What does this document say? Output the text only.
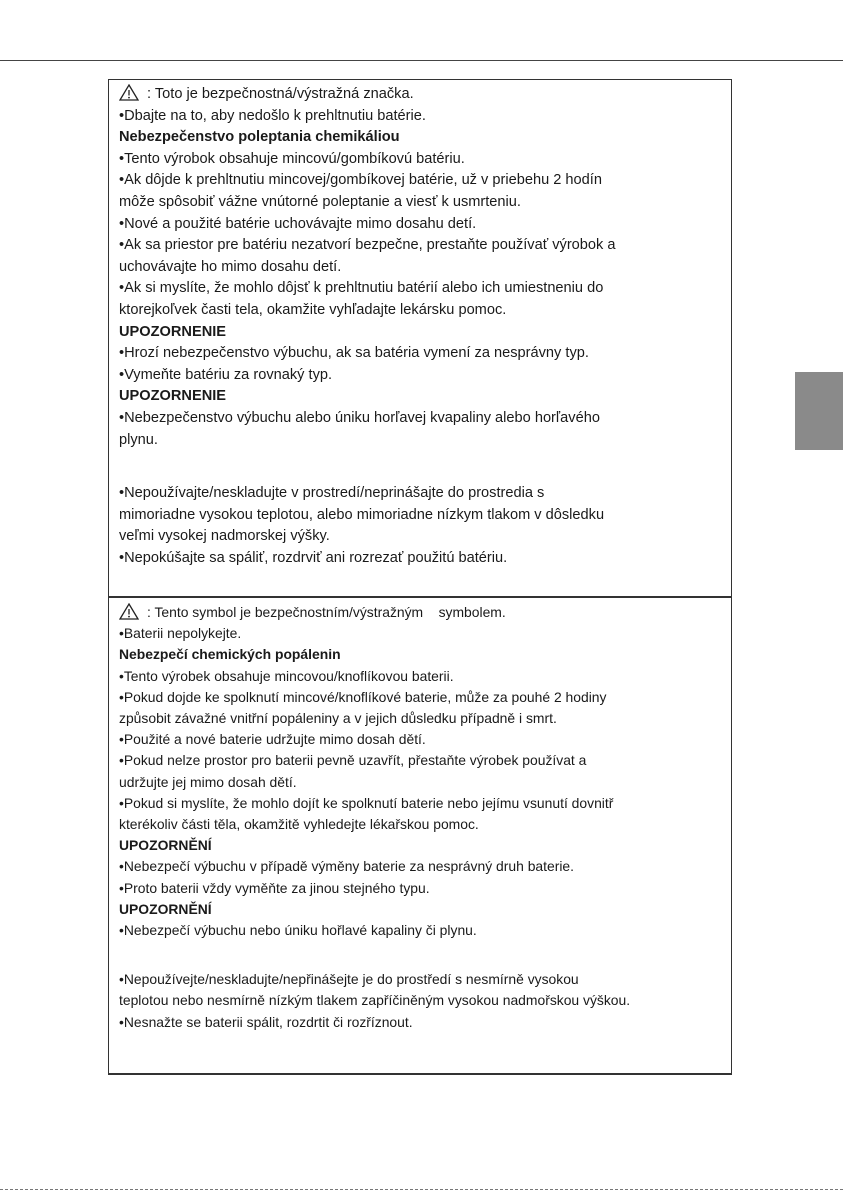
: Toto je bezpečnostná/výstražná značka.
•Dbajte na to, aby nedošlo k prehltnutiu batérie.
Nebezpečenstvo poleptania chemikáliou
•Tento výrobok obsahuje mincovú/gombíkovú batériu.
•Ak dôjde k prehltnutiu mincovej/gombíkovej batérie, už v priebehu 2 hodín
môže spôsobiť vážne vnútorné poleptanie a viesť k usmrteniu.
•Nové a použité batérie uchovávajte mimo dosahu detí.
•Ak sa priestor pre batériu nezatvorí bezpečne, prestaňte používať výrobok a
uchovávajte ho mimo dosahu detí.
•Ak si myslíte, že mohlo dôjsť k prehltnutiu batérií alebo ich umiestneniu do
ktorejkoľvek časti tela, okamžite vyhľadajte lekársku pomoc.
UPOZORNENIE
•Hrozí nebezpečenstvo výbuchu, ak sa batéria vymení za nesprávny typ.
•Vymeňte batériu za rovnaký typ.
UPOZORNENIE
•Nebezpečenstvo výbuchu alebo úniku horľavej kvapaliny alebo horľavého
plynu.
•Nepoužívajte/neskladujte v prostredí/neprinášajte do prostredia s
mimoriadne vysokou teplotou, alebo mimoriadne nízkym tlakom v dôsledku
veľmi vysokej nadmorskej výšky.
•Nepokúšajte sa spáliť, rozdrviť ani rozrezať použitú batériu.
: Tento symbol je bezpečnostním/výstražným    symbolem.
•Baterii nepolykejte.
Nebezpečí chemických popálenin
•Tento výrobek obsahuje mincovou/knoflíkovou baterii.
•Pokud dojde ke spolknutí mincové/knoflíkové baterie, může za pouhé 2 hodiny
způsobit závažné vnitřní popáleniny a v jejich důsledku případně i smrt.
•Použité a nové baterie udržujte mimo dosah dětí.
•Pokud nelze prostor pro baterii pevně uzavřít, přestaňte výrobek používat a
udržujte jej mimo dosah dětí.
•Pokud si myslíte, že mohlo dojít ke spolknutí baterie nebo jejímu vsunutí dovnitř
kterékoliv části těla, okamžitě vyhledejte lékařskou pomoc.
UPOZORNĚNÍ
•Nebezpečí výbuchu v případě výměny baterie za nesprávný druh baterie.
•Proto baterii vždy vyměňte za jinou stejného typu.
UPOZORNĚNÍ
•Nebezpečí výbuchu nebo úniku hořlavé kapaliny či plynu.
•Nepoužívejte/neskladujte/nepřinášejte je do prostředí s nesmírně vysokou
teplotou nebo nesmírně nízkým tlakem zapříčiněným vysokou nadmořskou výškou.
•Nesnažte se baterii spálit, rozdrtit či rozříznout.
